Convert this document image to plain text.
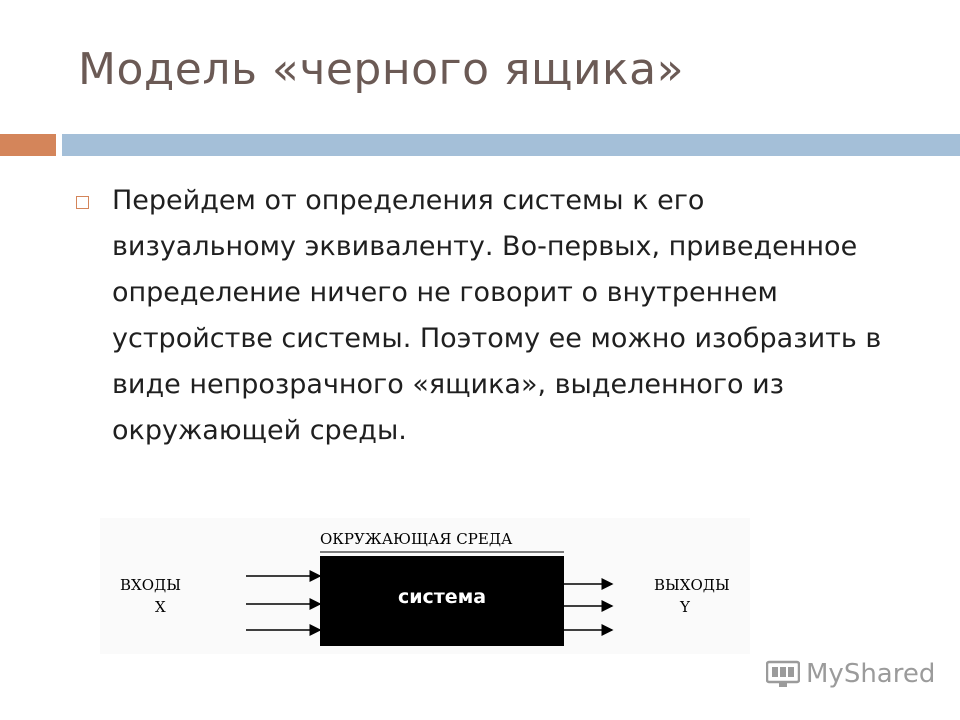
Модель «черного ящика»
Перейдем от определения системы к его визуальному эквиваленту. Во-первых, приведенное определение ничего не говорит о внутреннем устройстве системы. Поэтому ее можно изобразить в виде непрозрачного «ящика», выделенного из окружающей среды.
ОКРУЖАЮЩАЯ СРЕДА
система
ВХОДЫ
X
ВЫХОДЫ
Y
MyShared
